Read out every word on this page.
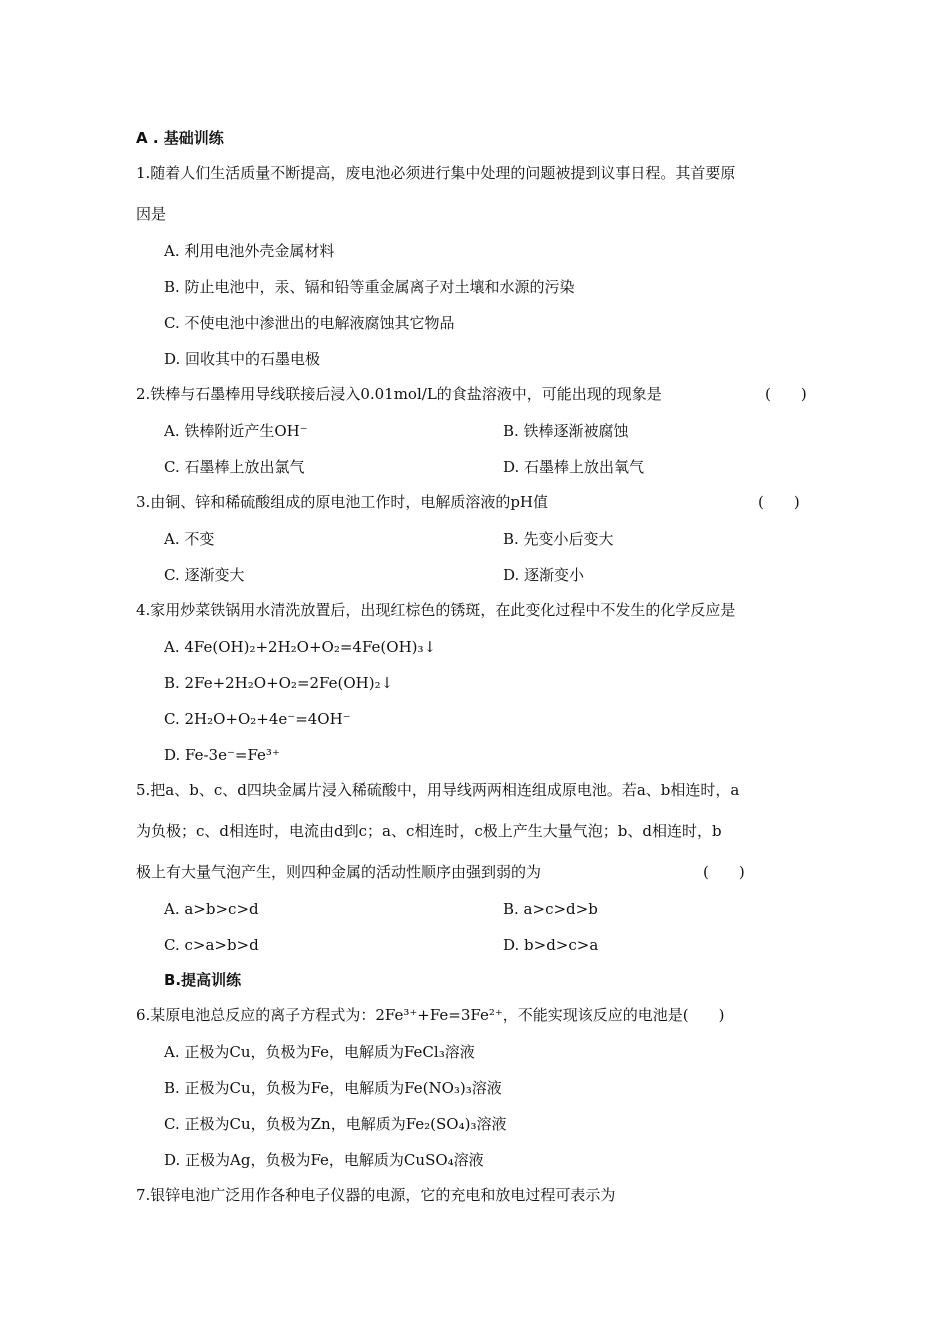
A . 基础训练
1.随着人们生活质量不断提高，废电池必须进行集中处理的问题被提到议事日程。其首要原
因是
A. 利用电池外壳金属材料
B. 防止电池中，汞、镉和铅等重金属离子对土壤和水源的污染
C. 不使电池中渗泄出的电解液腐蚀其它物品
D. 回收其中的石墨电极
2.铁棒与石墨棒用导线联接后浸入0.01mol/L的食盐溶液中，可能出现的现象是	(　　)
A. 铁棒附近产生OH⁻	B. 铁棒逐渐被腐蚀
C. 石墨棒上放出氯气	D. 石墨棒上放出氧气
3.由铜、锌和稀硫酸组成的原电池工作时，电解质溶液的pH值	(　　)
A. 不变	B. 先变小后变大
C. 逐渐变大	D. 逐渐变小
4.家用炒菜铁锅用水清洗放置后，出现红棕色的锈斑，在此变化过程中不发生的化学反应是
A. 4Fe(OH)₂+2H₂O+O₂=4Fe(OH)₃↓
B. 2Fe+2H₂O+O₂=2Fe(OH)₂↓
C. 2H₂O+O₂+4e⁻=4OH⁻
D. Fe-3e⁻=Fe³⁺
5.把a、b、c、d四块金属片浸入稀硫酸中，用导线两两相连组成原电池。若a、b相连时，a
为负极；c、d相连时，电流由d到c；a、c相连时，c极上产生大量气泡；b、d相连时，b
极上有大量气泡产生，则四种金属的活动性顺序由强到弱的为	(　　)
A. a>b>c>d	B. a>c>d>b
C. c>a>b>d	D. b>d>c>a
B.提高训练
6.某原电池总反应的离子方程式为：2Fe³⁺+Fe=3Fe²⁺，不能实现该反应的电池是(　　)
A. 正极为Cu，负极为Fe，电解质为FeCl₃溶液
B. 正极为Cu，负极为Fe，电解质为Fe(NO₃)₃溶液
C. 正极为Cu，负极为Zn，电解质为Fe₂(SO₄)₃溶液
D. 正极为Ag，负极为Fe，电解质为CuSO₄溶液
7.银锌电池广泛用作各种电子仪器的电源，它的充电和放电过程可表示为
